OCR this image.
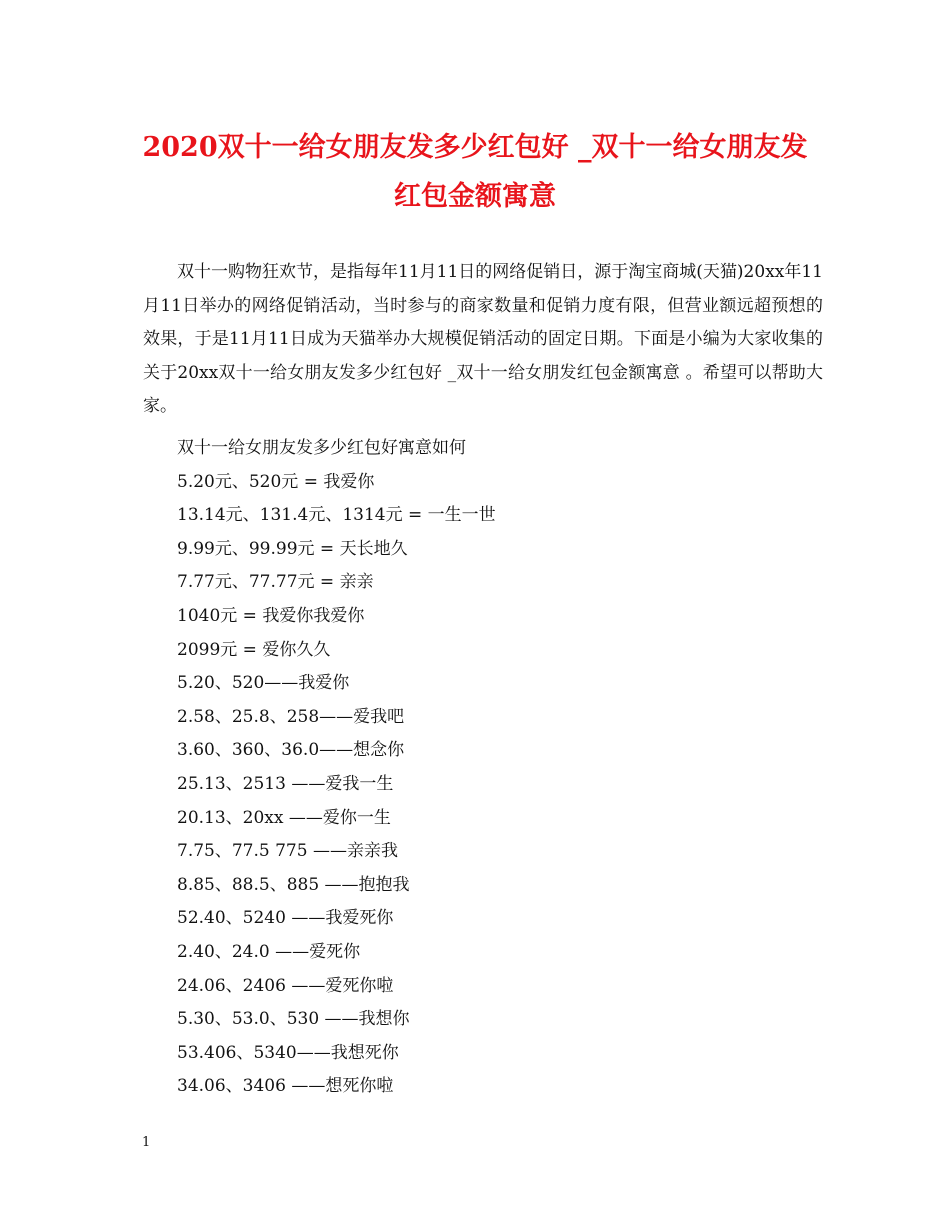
2020双十一给女朋友发多少红包好 _双十一给女朋友发
红包金额寓意

双十一购物狂欢节，是指每年11月11日的网络促销日，源于淘宝商城(天猫)20xx年11月11日举办的网络促销活动，当时参与的商家数量和促销力度有限，但营业额远超预想的效果，于是11月11日成为天猫举办大规模促销活动的固定日期。下面是小编为大家收集的关于20xx双十一给女朋友发多少红包好 _双十一给女朋发红包金额寓意 。希望可以帮助大家。

双十一给女朋友发多少红包好寓意如何
5.20元、520元 = 我爱你
13.14元、131.4元、1314元 = 一生一世
9.99元、99.99元 = 天长地久
7.77元、77.77元 = 亲亲
1040元 = 我爱你我爱你
2099元 = 爱你久久
5.20、520——我爱你
2.58、25.8、258——爱我吧
3.60、360、36.0——想念你
25.13、2513 ——爱我一生
20.13、20xx ——爱你一生
7.75、77.5 775 ——亲亲我
8.85、88.5、885 ——抱抱我
52.40、5240 ——我爱死你
2.40、24.0 ——爱死你
24.06、2406 ——爱死你啦
5.30、53.0、530 ——我想你
53.406、5340——我想死你
34.06、3406 ——想死你啦
1
